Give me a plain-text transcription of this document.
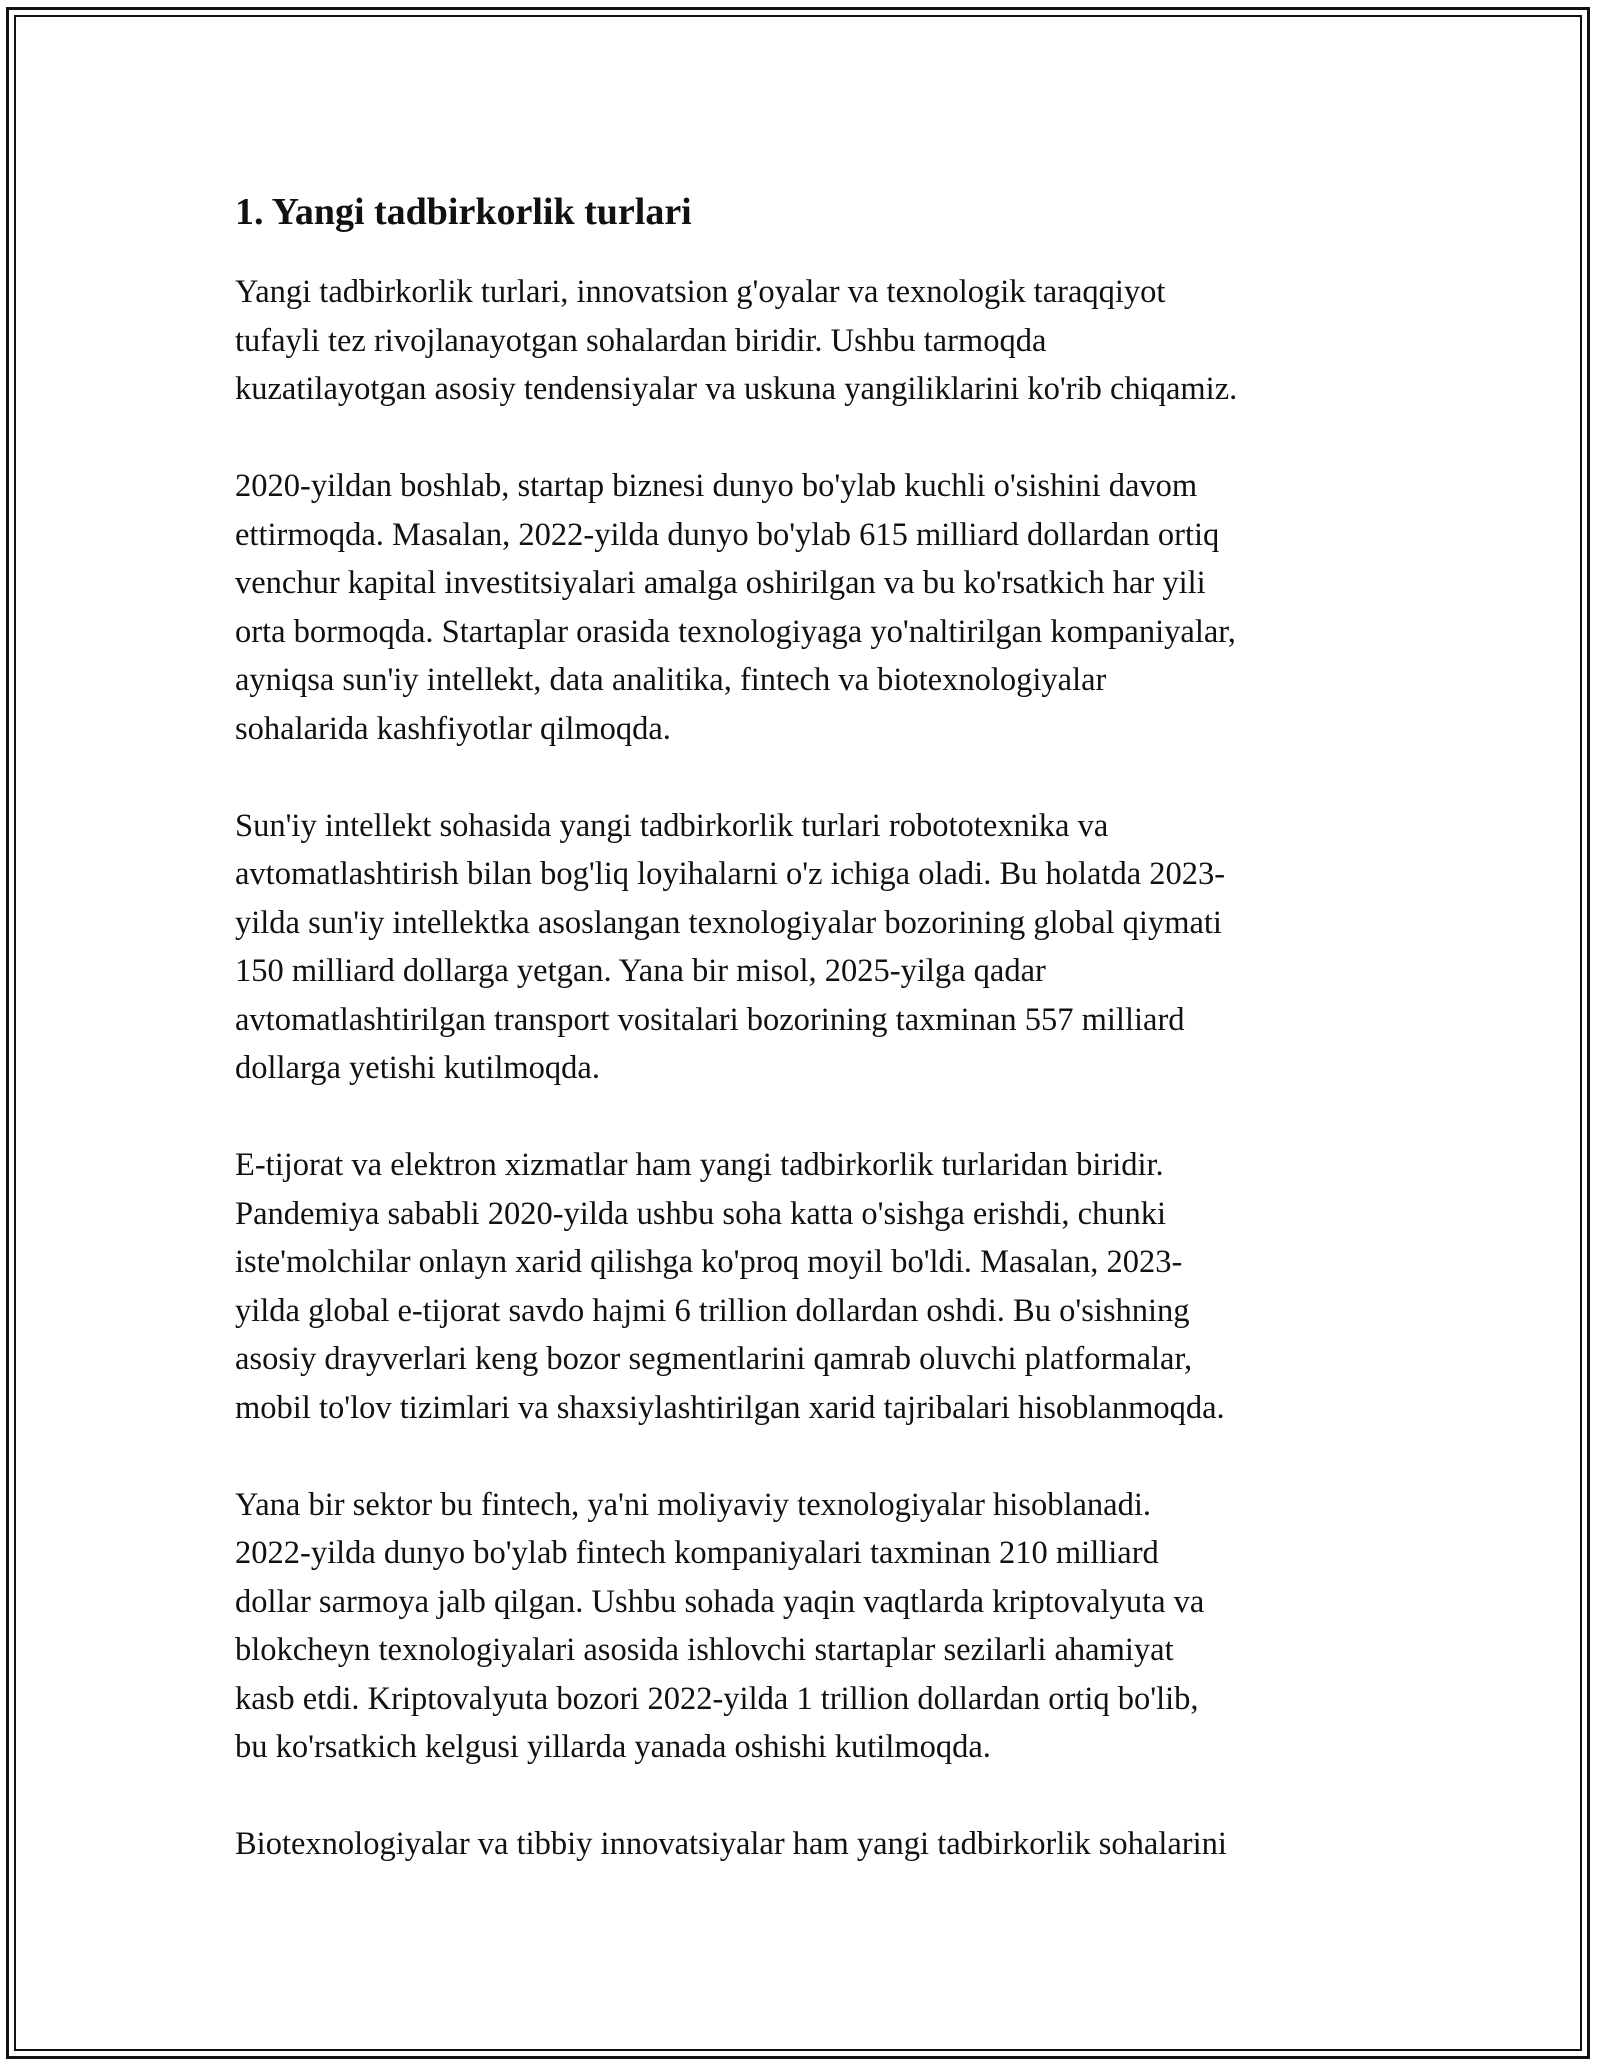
1. Yangi tadbirkorlik turlari

Yangi tadbirkorlik turlari, innovatsion g'oyalar va texnologik taraqqiyot
tufayli tez rivojlanayotgan sohalardan biridir. Ushbu tarmoqda
kuzatilayotgan asosiy tendensiyalar va uskuna yangiliklarini ko'rib chiqamiz.

2020-yildan boshlab, startap biznesi dunyo bo'ylab kuchli o'sishini davom
ettirmoqda. Masalan, 2022-yilda dunyo bo'ylab 615 milliard dollardan ortiq
venchur kapital investitsiyalari amalga oshirilgan va bu ko'rsatkich har yili
orta bormoqda. Startaplar orasida texnologiyaga yo'naltirilgan kompaniyalar,
ayniqsa sun'iy intellekt, data analitika, fintech va biotexnologiyalar
sohalarida kashfiyotlar qilmoqda.

Sun'iy intellekt sohasida yangi tadbirkorlik turlari robototexnika va
avtomatlashtirish bilan bog'liq loyihalarni o'z ichiga oladi. Bu holatda 2023-
yilda sun'iy intellektka asoslangan texnologiyalar bozorining global qiymati
150 milliard dollarga yetgan. Yana bir misol, 2025-yilga qadar
avtomatlashtirilgan transport vositalari bozorining taxminan 557 milliard
dollarga yetishi kutilmoqda.

E-tijorat va elektron xizmatlar ham yangi tadbirkorlik turlaridan biridir.
Pandemiya sababli 2020-yilda ushbu soha katta o'sishga erishdi, chunki
iste'molchilar onlayn xarid qilishga ko'proq moyil bo'ldi. Masalan, 2023-
yilda global e-tijorat savdo hajmi 6 trillion dollardan oshdi. Bu o'sishning
asosiy drayverlari keng bozor segmentlarini qamrab oluvchi platformalar,
mobil to'lov tizimlari va shaxsiylashtirilgan xarid tajribalari hisoblanmoqda.

Yana bir sektor bu fintech, ya'ni moliyaviy texnologiyalar hisoblanadi.
2022-yilda dunyo bo'ylab fintech kompaniyalari taxminan 210 milliard
dollar sarmoya jalb qilgan. Ushbu sohada yaqin vaqtlarda kriptovalyuta va
blokcheyn texnologiyalari asosida ishlovchi startaplar sezilarli ahamiyat
kasb etdi. Kriptovalyuta bozori 2022-yilda 1 trillion dollardan ortiq bo'lib,
bu ko'rsatkich kelgusi yillarda yanada oshishi kutilmoqda.

Biotexnologiyalar va tibbiy innovatsiyalar ham yangi tadbirkorlik sohalarini
